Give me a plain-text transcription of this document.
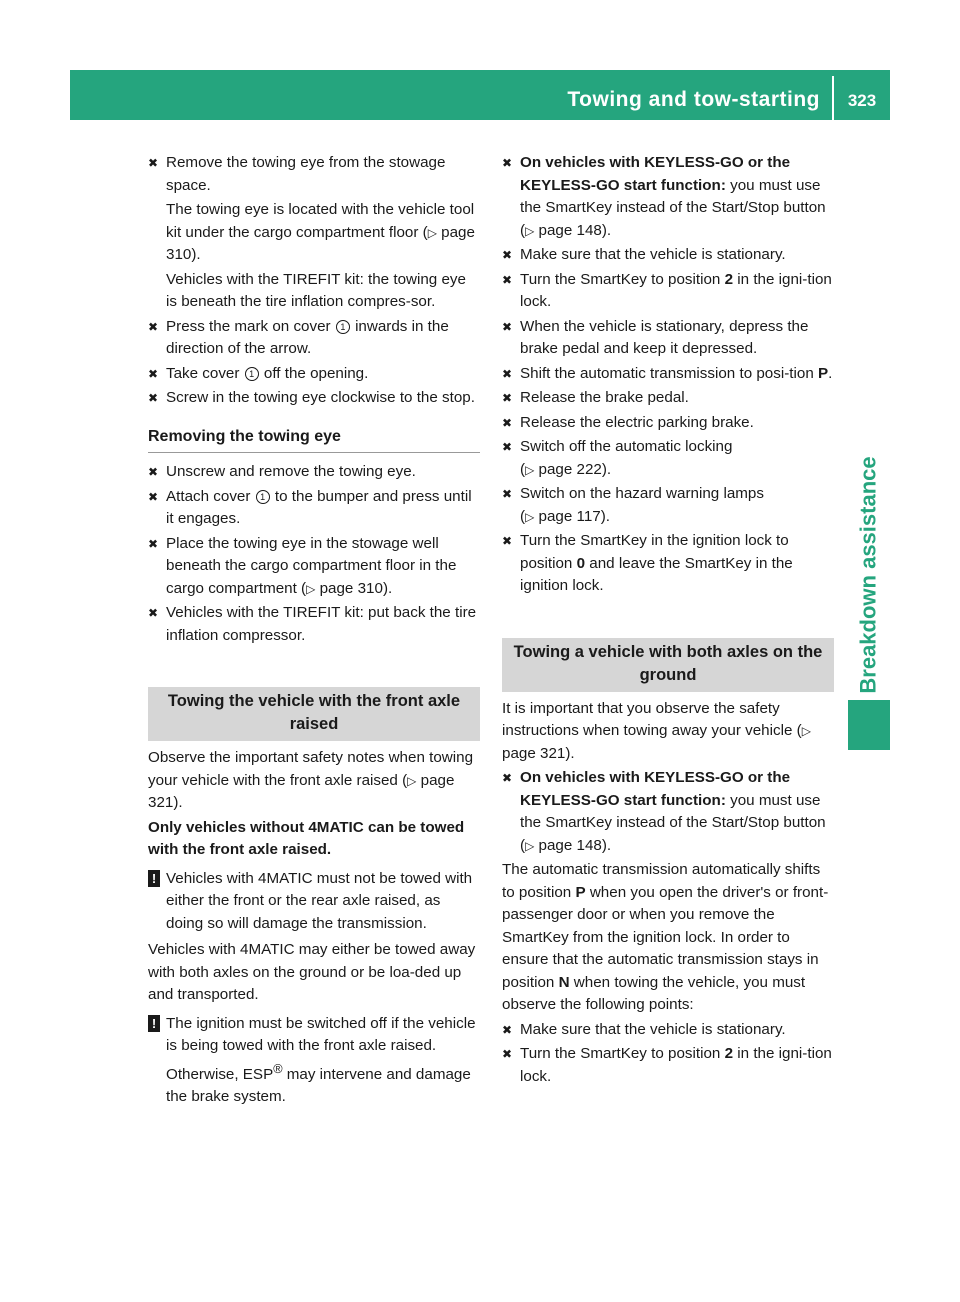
Towing and tow-starting	323
Breakdown assistance
✖ Remove the towing eye from the stowage space.

The towing eye is located with the vehicle tool kit under the cargo compartment floor (▷ page 310).

Vehicles with the TIREFIT kit: the towing eye is beneath the tire inflation compres-sor.

✖ Press the mark on cover 1 inwards in the direction of the arrow.

✖ Take cover 1 off the opening.

✖ Screw in the towing eye clockwise to the stop.

Removing the towing eye
✖ Unscrew and remove the towing eye.

✖ Attach cover 1 to the bumper and press until it engages.

✖ Place the towing eye in the stowage well beneath the cargo compartment floor in the cargo compartment (▷ page 310).

✖ Vehicles with the TIREFIT kit: put back the tire inflation compressor.

Towing the vehicle with the front axle raised

Observe the important safety notes when towing your vehicle with the front axle raised (▷ page 321).

Only vehicles without 4MATIC can be towed with the front axle raised.

! Vehicles with 4MATIC must not be towed with either the front or the rear axle raised, as doing so will damage the transmission.

Vehicles with 4MATIC may either be towed away with both axles on the ground or be loa-ded up and transported.

! The ignition must be switched off if the vehicle is being towed with the front axle raised. Otherwise, ESP® may intervene and damage the brake system.
✖ On vehicles with KEYLESS-GO or the KEYLESS-GO start function: you must use the SmartKey instead of the Start/Stop button (▷ page 148).

✖ Make sure that the vehicle is stationary.

✖ Turn the SmartKey to position 2 in the igni-tion lock.

✖ When the vehicle is stationary, depress the brake pedal and keep it depressed.

✖ Shift the automatic transmission to posi-tion P.

✖ Release the brake pedal.

✖ Release the electric parking brake.

✖ Switch off the automatic locking
(▷ page 222).

✖ Switch on the hazard warning lamps
(▷ page 117).

✖ Turn the SmartKey in the ignition lock to position 0 and leave the SmartKey in the ignition lock.

Towing a vehicle with both axles on the ground

It is important that you observe the safety instructions when towing away your vehicle (▷ page 321).

✖ On vehicles with KEYLESS-GO or the KEYLESS-GO start function: you must use the SmartKey instead of the Start/Stop button (▷ page 148).

The automatic transmission automatically shifts to position P when you open the driver's or front-passenger door or when you remove the SmartKey from the ignition lock. In order to ensure that the automatic transmission stays in position N when towing the vehicle, you must observe the following points:

✖ Make sure that the vehicle is stationary.

✖ Turn the SmartKey to position 2 in the igni-tion lock.
